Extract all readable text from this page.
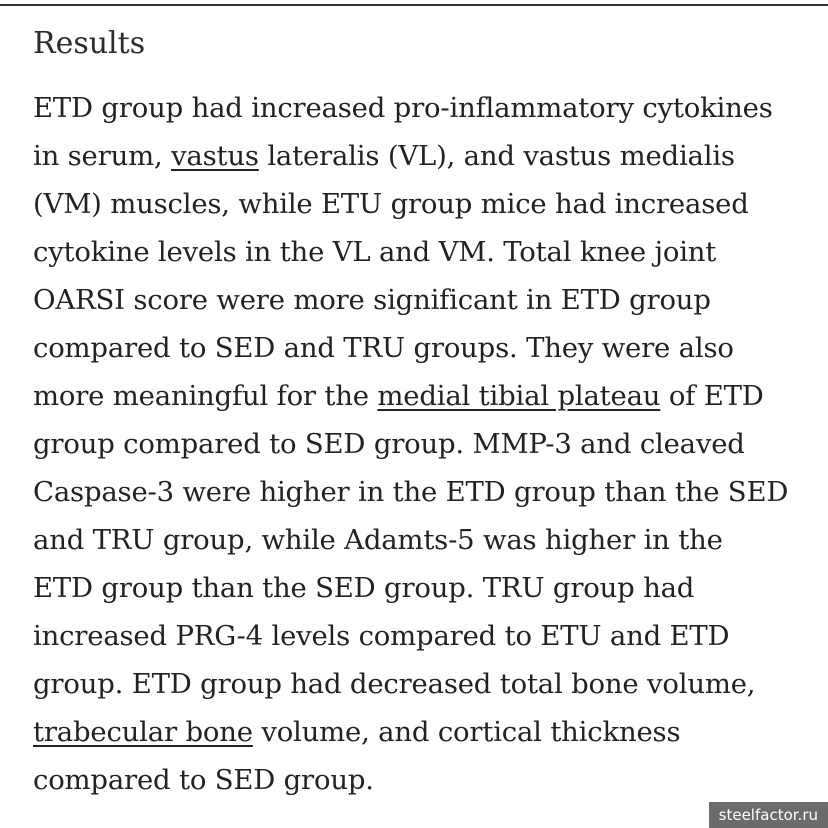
Results

ETD group had increased pro-inflammatory cytokines
in serum, vastus lateralis (VL), and vastus medialis
(VM) muscles, while ETU group mice had increased
cytokine levels in the VL and VM. Total knee joint
OARSI score were more significant in ETD group
compared to SED and TRU groups. They were also
more meaningful for the medial tibial plateau of ETD
group compared to SED group. MMP-3 and cleaved
Caspase-3 were higher in the ETD group than the SED
and TRU group, while Adamts-5 was higher in the
ETD group than the SED group. TRU group had
increased PRG-4 levels compared to ETU and ETD
group. ETD group had decreased total bone volume,
trabecular bone volume, and cortical thickness
compared to SED group.

steelfactor.ru
